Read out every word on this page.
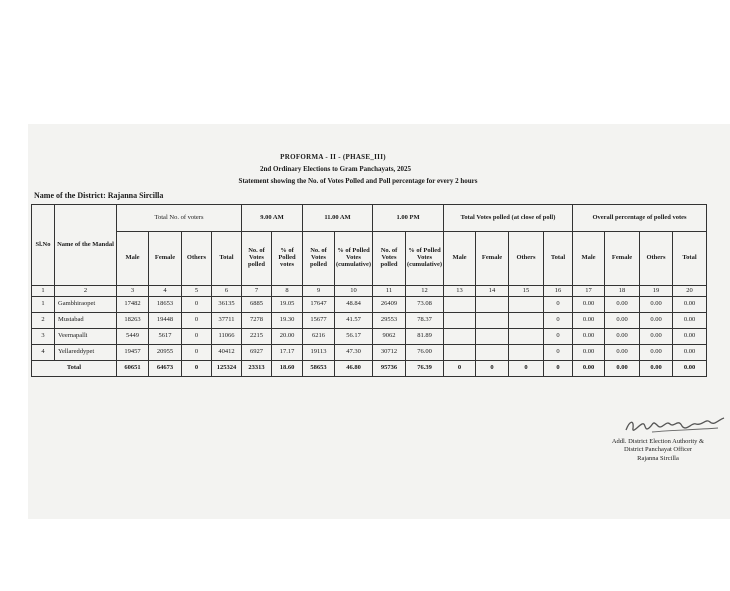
PROFORMA - II - (PHASE_III)
2nd Ordinary Elections to Gram Panchayats, 2025
Statement showing the No. of Votes Polled and Poll percentage for every 2 hours
Name of the District: Rajanna Sircilla
Sl.No	Name of the Mandal	Total No. of voters				9.00 AM		11.00 AM		1.00 PM		Total Votes polled (at close of poll)				Overall percentage of polled votes			
		Male	Female	Others	Total	No. of Votes polled	% of Polled votes	No. of Votes polled	% of Polled Votes (cumulative)	No. of Votes polled	% of Polled Votes (cumulative)	Male	Female	Others	Total	Male	Female	Others	Total
1	2	3	4	5	6	7	8	9	10	11	12	13	14	15	16	17	18	19	20
1	Gambhiraopet	17482	18653	0	36135	6885	19.05	17647	48.84	26409	73.08				0	0.00	0.00	0.00	0.00
2	Mustabad	18263	19448	0	37711	7278	19.30	15677	41.57	29553	78.37				0	0.00	0.00	0.00	0.00
3	Veernapalli	5449	5617	0	11066	2215	20.00	6216	56.17	9062	81.89				0	0.00	0.00	0.00	0.00
4	Yellareddypet	19457	20955	0	40412	6927	17.17	19113	47.30	30712	76.00				0	0.00	0.00	0.00	0.00
Total		60651	64673	0	125324	23313	18.60	58653	46.80	95736	76.39	0	0	0	0	0.00	0.00	0.00	0.00
Addl. District Election Authority &
District Panchayat Officer
Rajanna Sircilla
